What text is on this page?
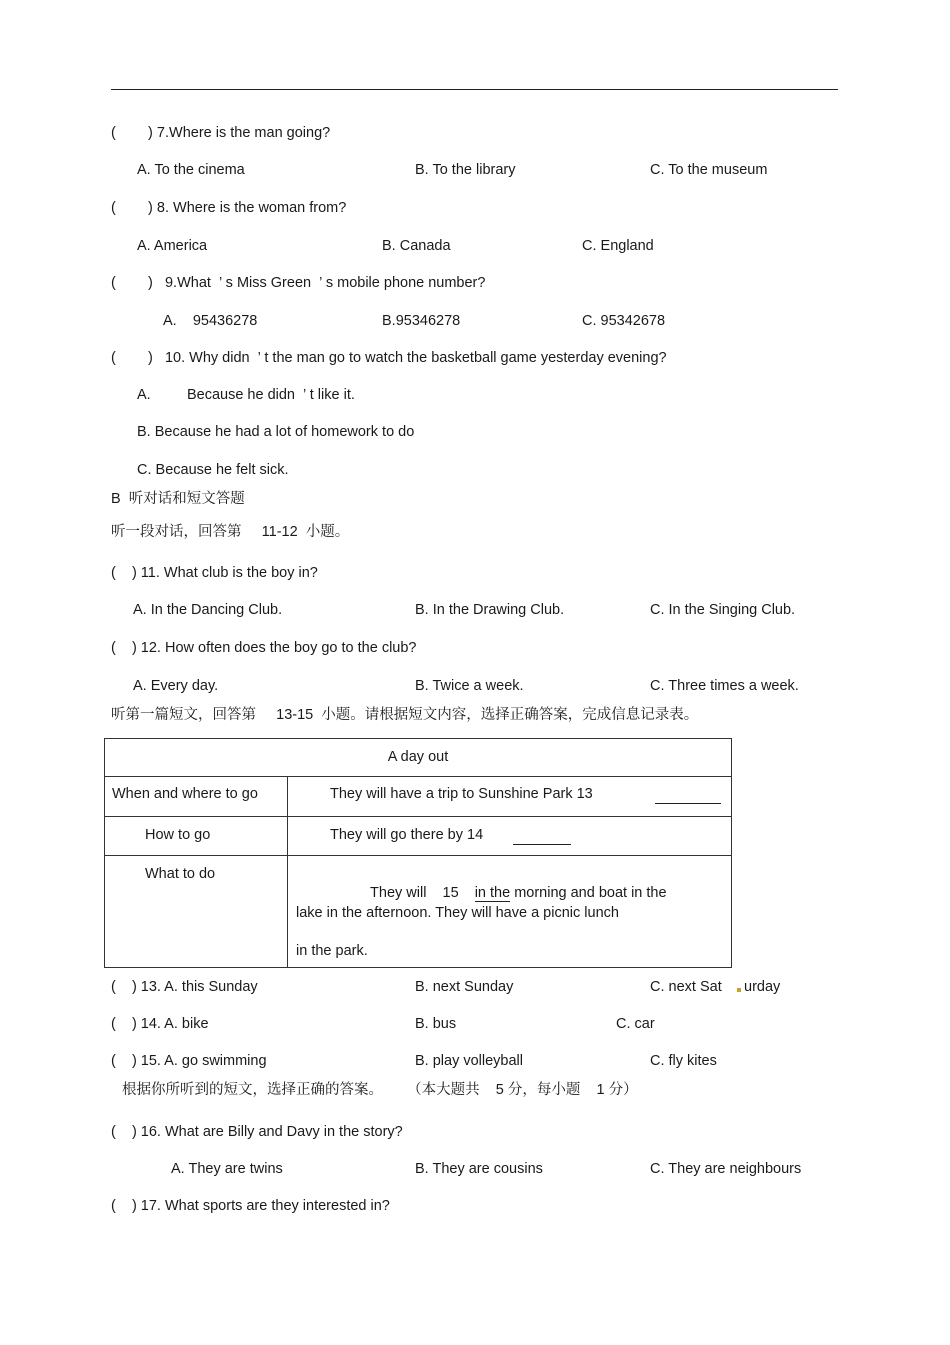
(        ) 7.Where is the man going?
A. To the cinema	B. To the library	C. To the museum
(        ) 8. Where is the woman from?
A. America	B. Canada	C. England
(        )   9.What  ’ s Miss Green  ’ s mobile phone number?
A.    95436278	B.95346278	C. 95342678
(        )   10. Why didn  ’ t the man go to watch the basketball game yesterday evening?
A.         Because he didn  ’ t like it.
B. Because he had a lot of homework to do
C. Because he felt sick.
B  听对话和短文答题
听一段对话，回答第     11-12  小题。
(    ) 11. What club is the boy in?
A. In the Dancing Club.	B. In the Drawing Club.	C. In the Singing Club.
(    ) 12. How often does the boy go to the club?
A. Every day.	B. Twice a week.	C. Three times a week.
听第一篇短文，回答第     13-15  小题。请根据短文内容，选择正确答案，完成信息记录表。
A day out	

When and where to go	They will have a trip to Sunshine Park 13

How to go	They will go there by 14

What to do	They will    15 in the morning and boat in the

lake in the afternoon. They will have a picnic lunch
in the park.
(    ) 13. A. this Sunday	B. next Sunday	C. next Sat urday
(    ) 14. A. bike	B. bus	C. car
(    ) 15. A. go swimming	B. play volleyball	C. fly kites
根据你所听到的短文，选择正确的答案。      （本大题共    5 分，每小题    1 分）
(    ) 16. What are Billy and Davy in the story?
A. They are twins	B. They are cousins	C. They are neighbours
(    ) 17. What sports are they interested in?
